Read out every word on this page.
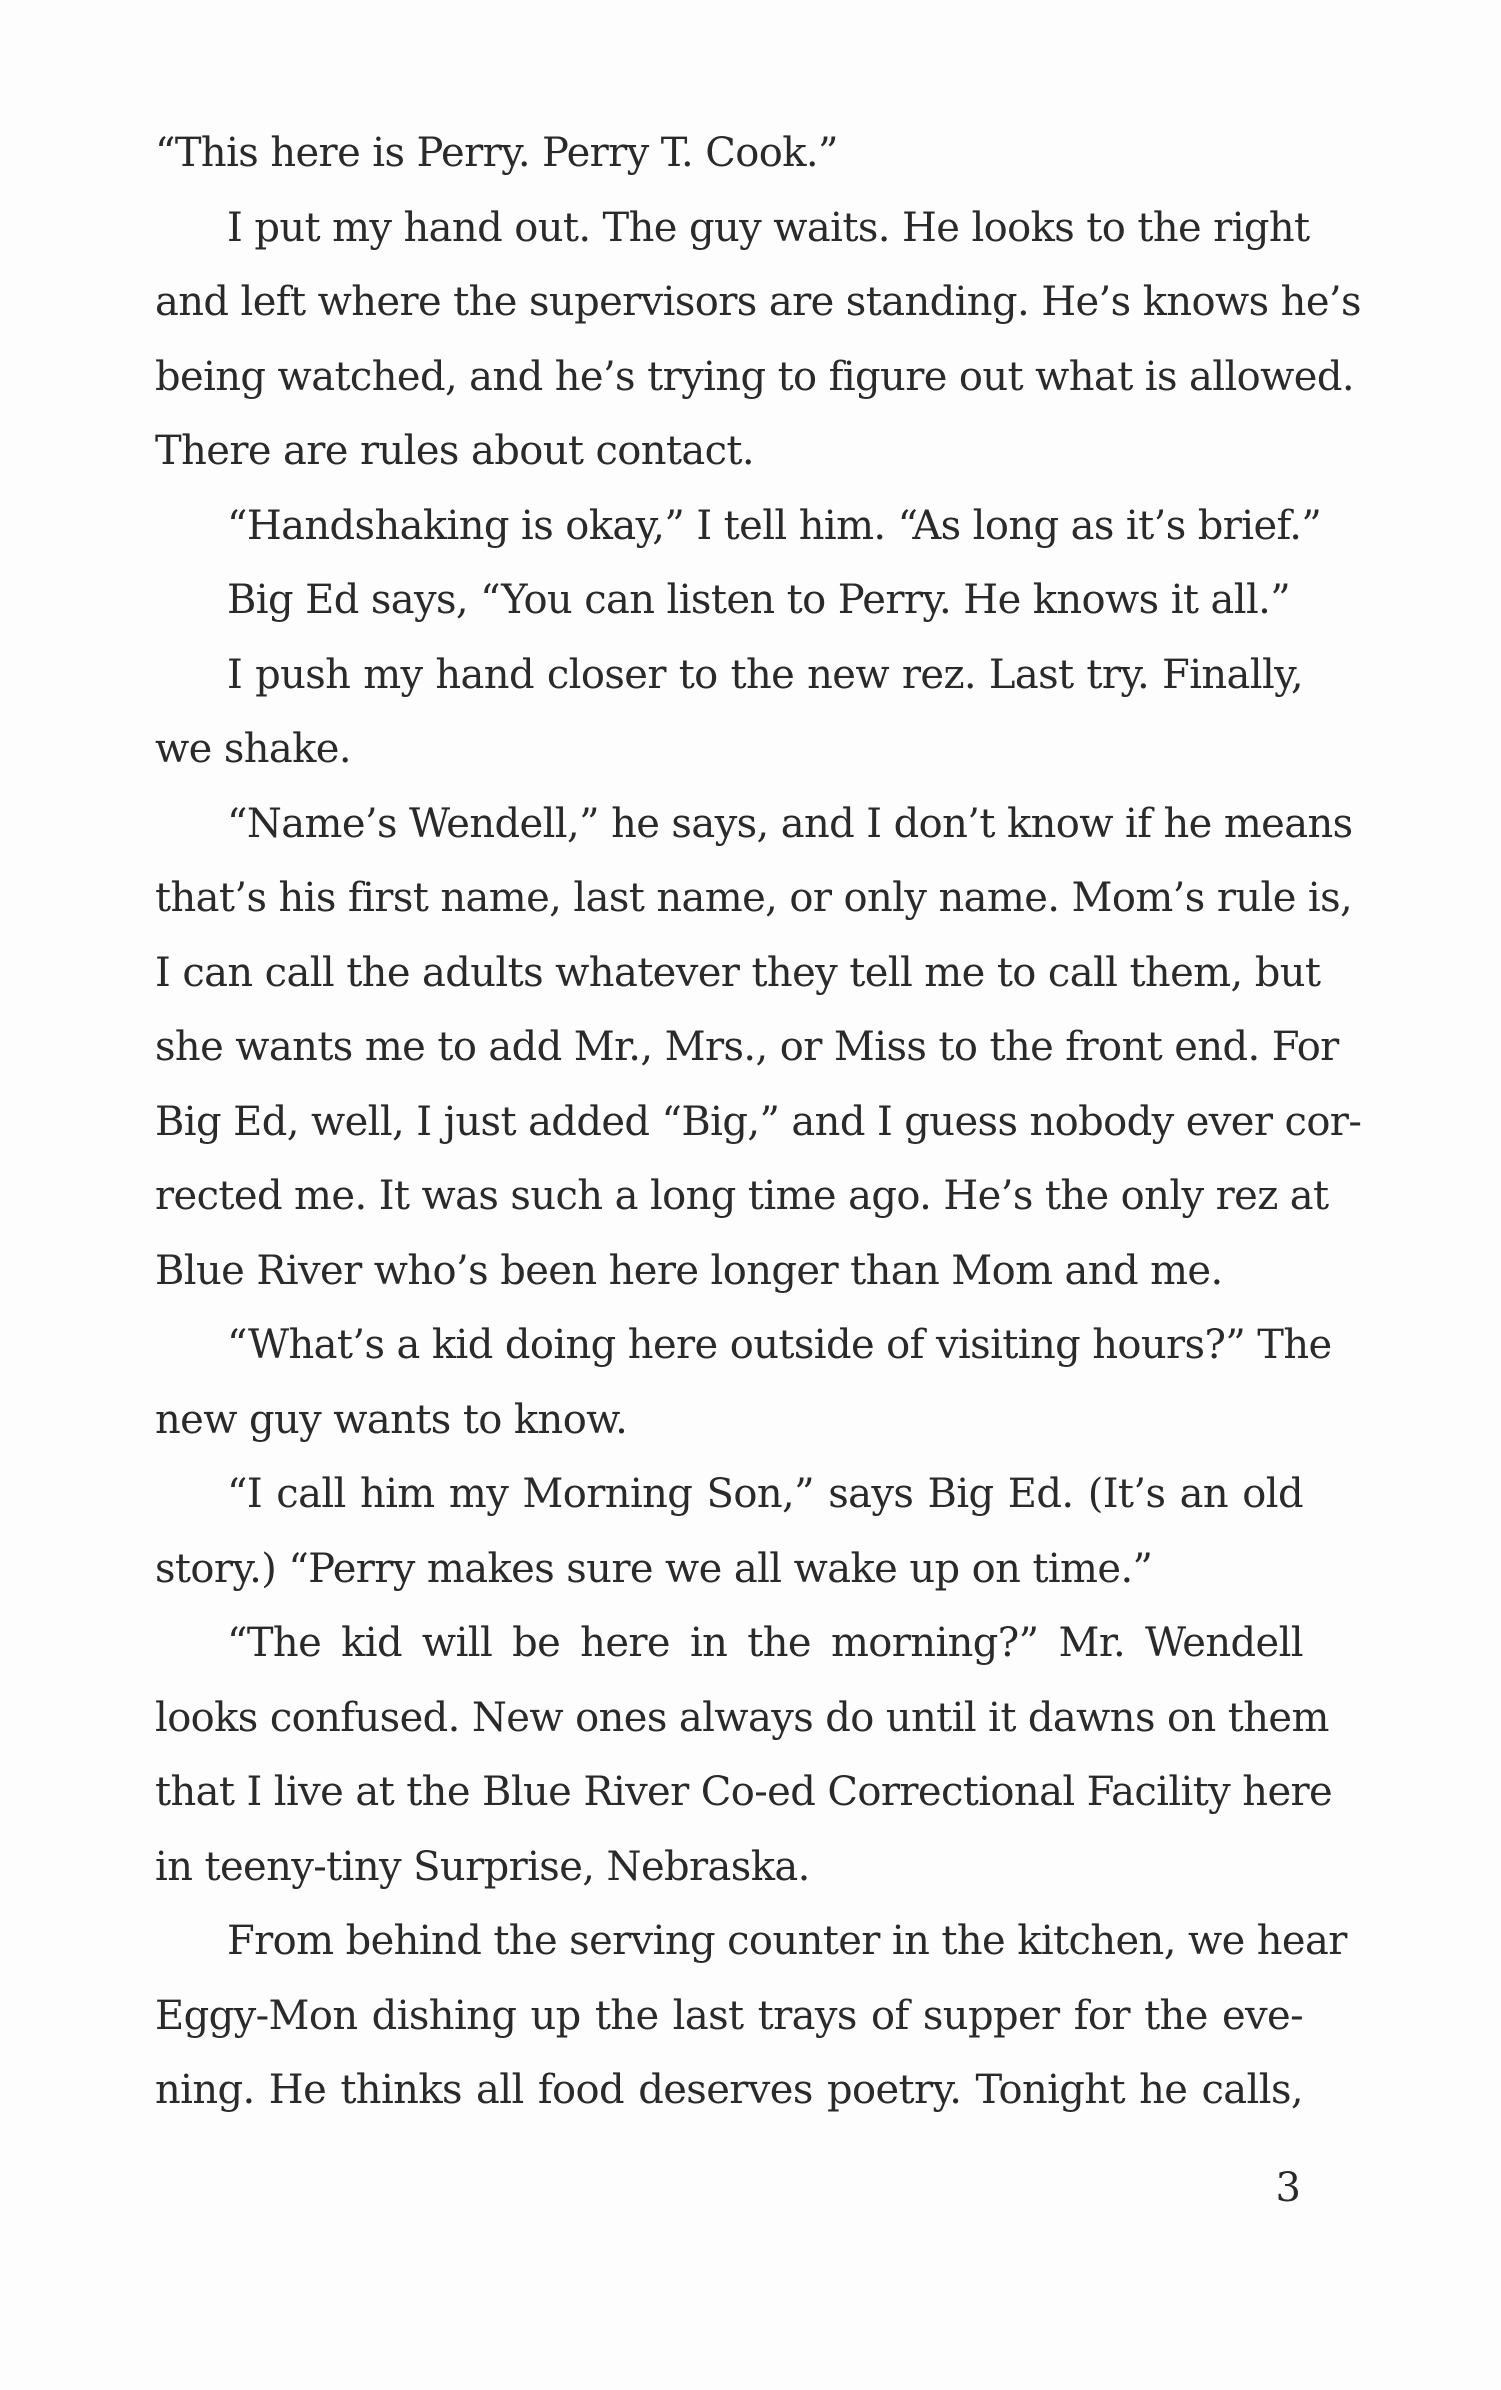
“This here is Perry. Perry T. Cook.”
I put my hand out. The guy waits. He looks to the right
and left where the supervisors are standing. He’s knows he’s
being watched, and he’s trying to figure out what is allowed.
There are rules about contact.
“Handshaking is okay,” I tell him. “As long as it’s brief.”
Big Ed says, “You can listen to Perry. He knows it all.”
I push my hand closer to the new rez. Last try. Finally,
we shake.
“Name’s Wendell,” he says, and I don’t know if he means
that’s his first name, last name, or only name. Mom’s rule is,
I can call the adults whatever they tell me to call them, but
she wants me to add Mr., Mrs., or Miss to the front end. For
Big Ed, well, I just added “Big,” and I guess nobody ever cor-
rected me. It was such a long time ago. He’s the only rez at
Blue River who’s been here longer than Mom and me.
“What’s a kid doing here outside of visiting hours?” The
new guy wants to know.
“I call him my Morning Son,” says Big Ed. (It’s an old
story.) “Perry makes sure we all wake up on time.”
“The kid will be here in the morning?” Mr. Wendell
looks confused. New ones always do until it dawns on them
that I live at the Blue River Co-ed Correctional Facility here
in teeny-tiny Surprise, Nebraska.
From behind the serving counter in the kitchen, we hear
Eggy-Mon dishing up the last trays of supper for the eve-
ning. He thinks all food deserves poetry. Tonight he calls,
3
